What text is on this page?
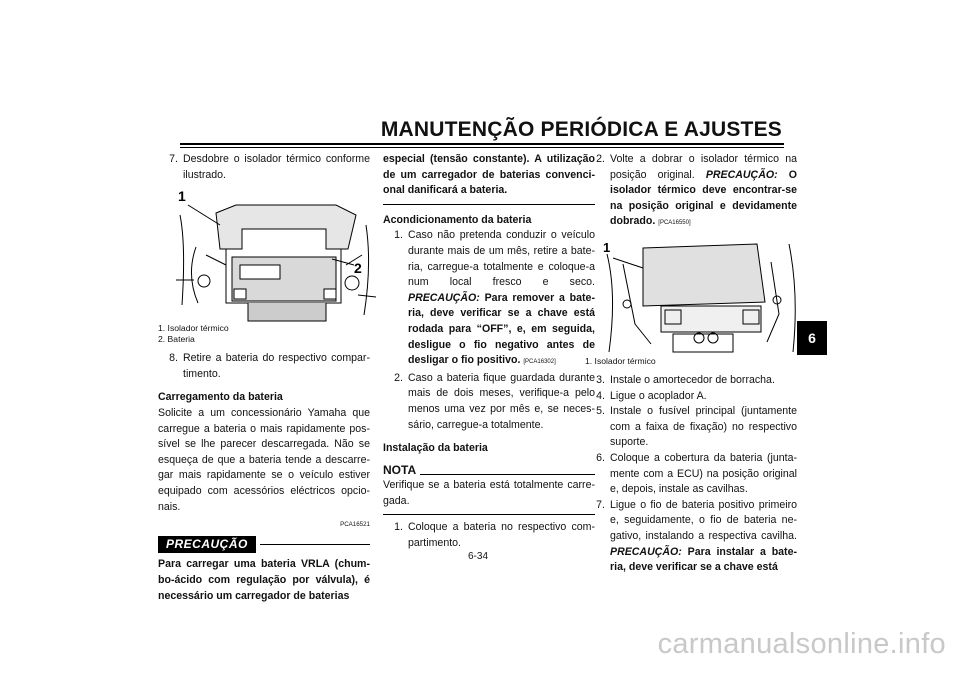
MANUTENÇÃO PERIÓDICA E AJUSTES
7. Desdobre o isolador térmico conforme ilustrado.
1
2
1. Isolador térmico
2. Bateria
8. Retire a bateria do respectivo compar-timento.
Carregamento da bateria
Solicite a um concessionário Yamaha que carregue a bateria o mais rapidamente pos-sível se lhe parecer descarregada. Não se esqueça de que a bateria tende a descarre-gar mais rapidamente se o veículo estiver equipado com acessórios eléctricos opcio-nais.
PCA16521
PRECAUÇÃO
Para carregar uma bateria VRLA (chum-bo-ácido com regulação por válvula), é necessário um carregador de baterias
especial (tensão constante). A utilização de um carregador de baterias convenci-onal danificará a bateria.
Acondicionamento da bateria
1. Caso não pretenda conduzir o veículo durante mais de um mês, retire a bate-ria, carregue-a totalmente e coloque-a num local fresco e seco. PRECAUÇÃO: Para remover a bate-ria, deve verificar se a chave está rodada para “OFF”, e, em seguida, desligue o fio negativo antes de desligar o fio positivo. [PCA16302]
2. Caso a bateria fique guardada durante mais de dois meses, verifique-a pelo menos uma vez por mês e, se neces-sário, carregue-a totalmente.
Instalação da bateria
NOTA
Verifique se a bateria está totalmente carre-gada.
1. Coloque a bateria no respectivo com-partimento.
2. Volte a dobrar o isolador térmico na posição original. PRECAUÇÃO: O isolador térmico deve encontrar-se na posição original e devidamente dobrado. [PCA16550]
1
1. Isolador térmico
3. Instale o amortecedor de borracha.
4. Ligue o acoplador A.
5. Instale o fusível principal (juntamente com a faixa de fixação) no respectivo suporte.
6. Coloque a cobertura da bateria (junta-mente com a ECU) na posição original e, depois, instale as cavilhas.
7. Ligue o fio de bateria positivo primeiro e, seguidamente, o fio de bateria ne-gativo, instalando a respectiva cavilha. PRECAUÇÃO: Para instalar a bate-ria, deve verificar se a chave está
6
6-34
carmanualsonline.info
